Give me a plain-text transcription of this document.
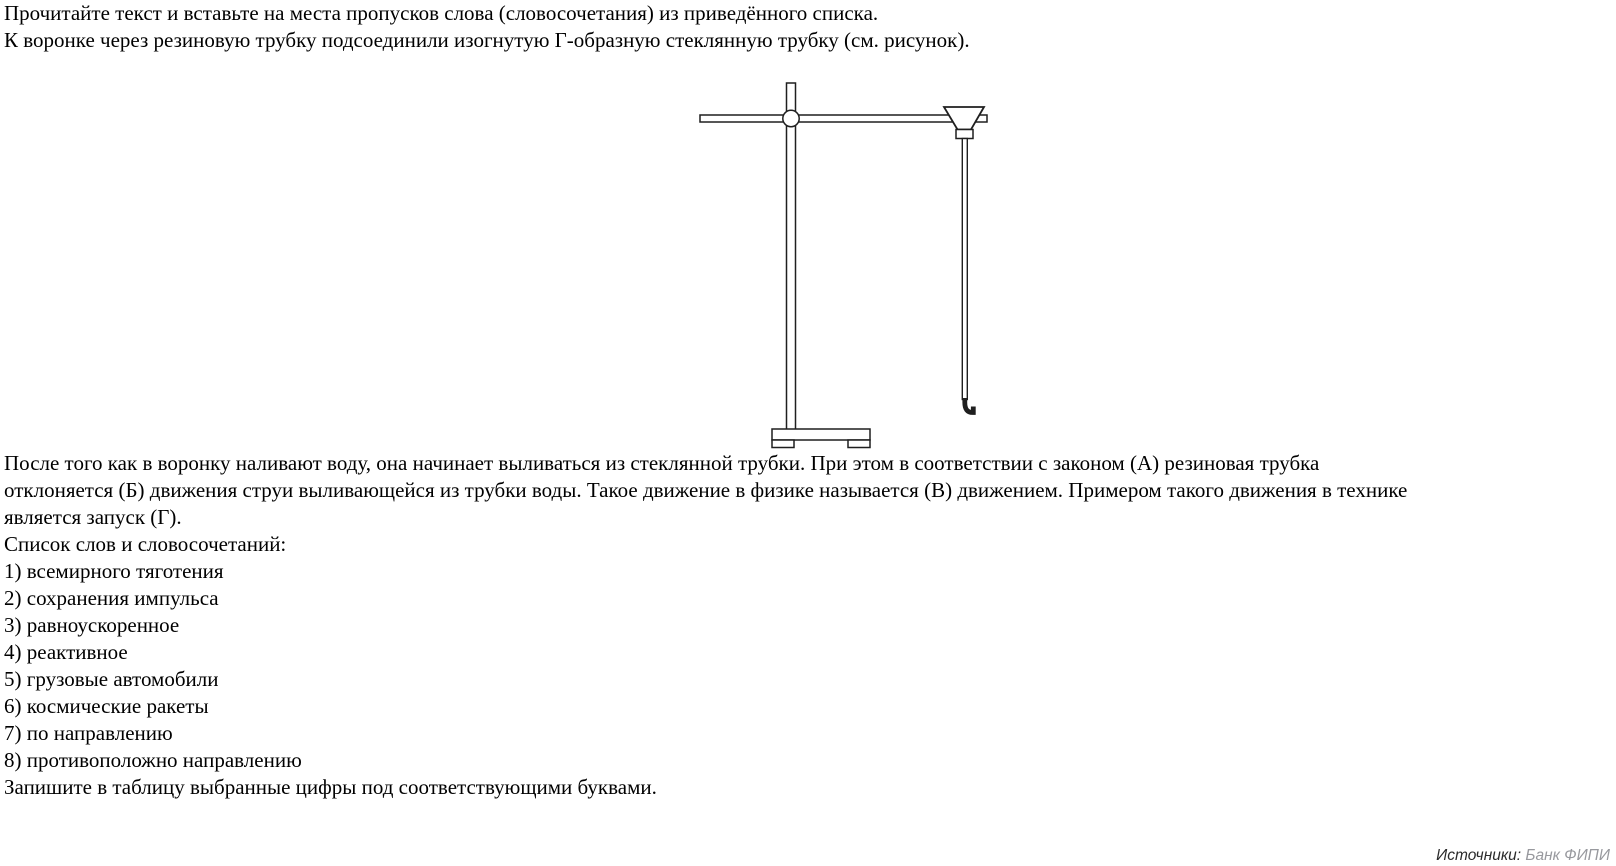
Прочитайте текст и вставьте на места пропусков слова (словосочетания) из приведённого списка.
К воронке через резиновую трубку подсоединили изогнутую Г-образную стеклянную трубку (см. рисунок).
После того как в воронку наливают воду, она начинает выливаться из стеклянной трубки. При этом в соответствии с законом (А) резиновая трубка
отклоняется (Б) движения струи выливающейся из трубки воды. Такое движение в физике называется (В) движением. Примером такого движения в технике
является запуск (Г).
Список слов и словосочетаний:
1) всемирного тяготения
2) сохранения импульса
3) равноускоренное
4) реактивное
5) грузовые автомобили
6) космические ракеты
7) по направлению
8) противоположно направлению
Запишите в таблицу выбранные цифры под соответствующими буквами.

Источники: Банк ФИПИ
